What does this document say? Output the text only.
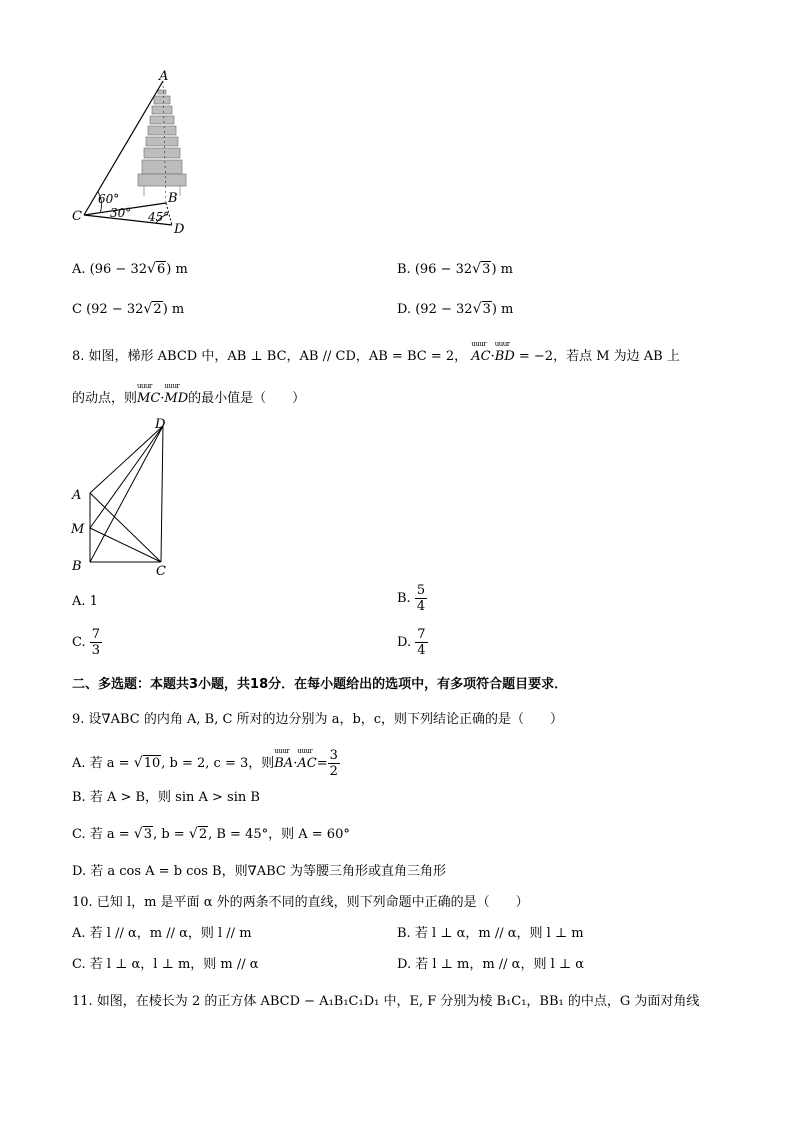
A
B
C
D
60°
30° 45°
A. (96 − 32 √ 6) m	B. (96 − 32 √ 3) m
C (92 − 32 √ 2) m	D. (92 − 32 √ 3) m
8. 如图，梯形 ABCD 中，AB ⊥ BC，AB // CD，AB = BC = 2， uuur AC·uuur BD = −2，若点 M 为边 AB 上
的动点，则uuur MC·uuur MD的最小值是（　　）
D
A
M
B	C
A. 1	B. $\frac{5}{4}$
C. $\frac{7}{3}$	D. $\frac{7}{4}$
二、多选题：本题共3小题，共18分．在每小题给出的选项中，有多项符合题目要求．
9. 设∇ABC 的内角 A, B, C 所对的边分别为 a，b，c，则下列结论正确的是（　　）
A. 若 a = √ 10, b = 2, c = 3，则uuur BA·uuur $AC= \frac{3}{2}$
B. 若 A > B，则 sin A > sin B
C. 若 a = √ 3, b = √ 2, B = 45°，则 A = 60°
D. 若 a cos A = b cos B，则∇ABC 为等腰三角形或直角三角形
10. 已知 l，m 是平面 α 外的两条不同的直线，则下列命题中正确的是（　　）
A. 若 l // α，m // α，则 l // m	B. 若 l ⊥ α，m // α，则 l ⊥ m
C. 若 l ⊥ α，l ⊥ m，则 m // α	D. 若 l ⊥ m，m // α，则 l ⊥ α
11. 如图，在棱长为 2 的正方体 ABCD − A₁B₁C₁D₁ 中，E, F 分别为棱 B₁C₁，BB₁ 的中点，G 为面对角线
